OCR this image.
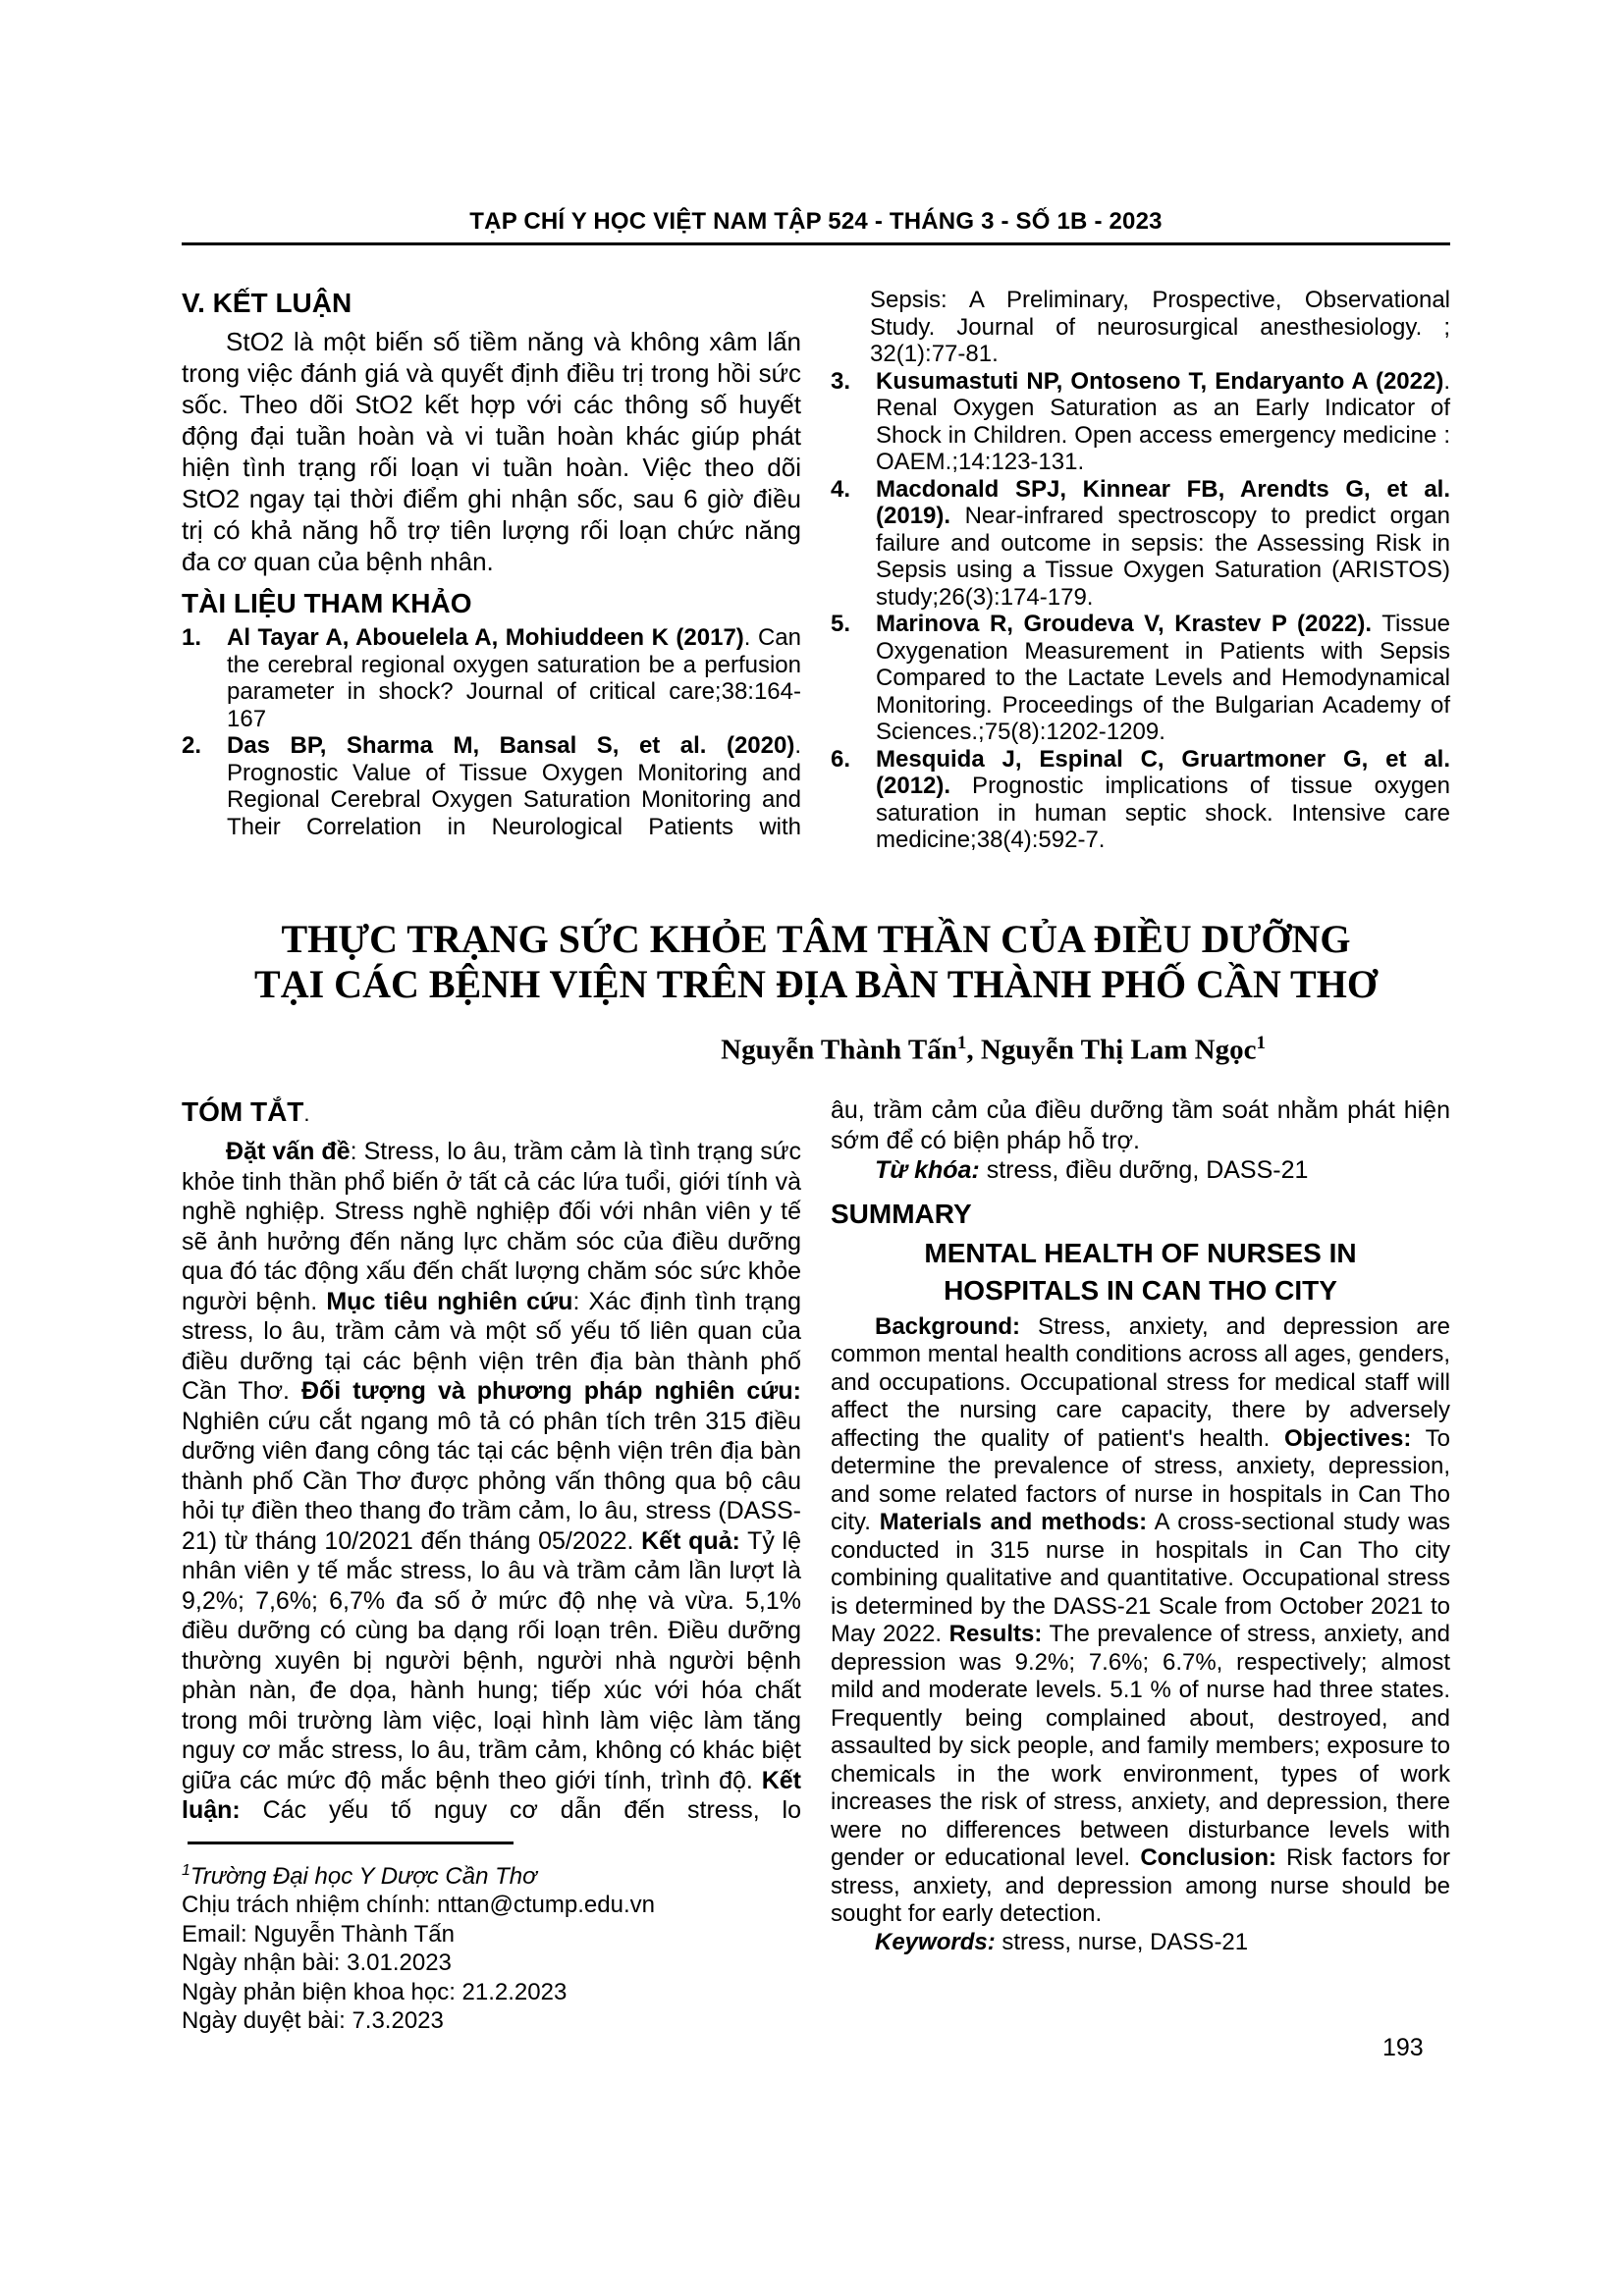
TẠP CHÍ Y HỌC VIỆT NAM TẬP 524 - THÁNG 3 - SỐ 1B - 2023
V. KẾT LUẬN

StO2 là một biến số tiềm năng và không xâm lấn trong việc đánh giá và quyết định điều trị trong hồi sức sốc. Theo dõi StO2 kết hợp với các thông số huyết động đại tuần hoàn và vi tuần hoàn khác giúp phát hiện tình trạng rối loạn vi tuần hoàn. Việc theo dõi StO2 ngay tại thời điểm ghi nhận sốc, sau 6 giờ điều trị có khả năng hỗ trợ tiên lượng rối loạn chức năng đa cơ quan của bệnh nhân.

TÀI LIỆU THAM KHẢO
1. Al Tayar A, Abouelela A, Mohiuddeen K (2017). Can the cerebral regional oxygen saturation be a perfusion parameter in shock? Journal of critical care;38:164-167
2. Das BP, Sharma M, Bansal S, et al. (2020). Prognostic Value of Tissue Oxygen Monitoring and Regional Cerebral Oxygen Saturation Monitoring and Their Correlation in Neurological Patients with
Sepsis: A Preliminary, Prospective, Observational Study. Journal of neurosurgical anesthesiology. ; 32(1):77-81.
3. Kusumastuti NP, Ontoseno T, Endaryanto A (2022). Renal Oxygen Saturation as an Early Indicator of Shock in Children. Open access emergency medicine : OAEM.;14:123-131.
4. Macdonald SPJ, Kinnear FB, Arendts G, et al. (2019). Near-infrared spectroscopy to predict organ failure and outcome in sepsis: the Assessing Risk in Sepsis using a Tissue Oxygen Saturation (ARISTOS) study;26(3):174-179.
5. Marinova R, Groudeva V, Krastev P (2022). Tissue Oxygenation Measurement in Patients with Sepsis Compared to the Lactate Levels and Hemodynamical Monitoring. Proceedings of the Bulgarian Academy of Sciences.;75(8):1202-1209.
6. Mesquida J, Espinal C, Gruartmoner G, et al. (2012). Prognostic implications of tissue oxygen saturation in human septic shock. Intensive care medicine;38(4):592-7.
THỰC TRẠNG SỨC KHỎE TÂM THẦN CỦA ĐIỀU DƯỠNG
TẠI CÁC BỆNH VIỆN TRÊN ĐỊA BÀN THÀNH PHỐ CẦN THƠ
Nguyễn Thành Tấn$^1$, Nguyễn Thị Lam Ngọc$^1$
TÓM TẮT.

Đặt vấn đề: Stress, lo âu, trầm cảm là tình trạng sức khỏe tinh thần phổ biến ở tất cả các lứa tuổi, giới tính và nghề nghiệp. Stress nghề nghiệp đối với nhân viên y tế sẽ ảnh hưởng đến năng lực chăm sóc của điều dưỡng qua đó tác động xấu đến chất lượng chăm sóc sức khỏe người bệnh. Mục tiêu nghiên cứu: Xác định tình trạng stress, lo âu, trầm cảm và một số yếu tố liên quan của điều dưỡng tại các bệnh viện trên địa bàn thành phố Cần Thơ. Đối tượng và phương pháp nghiên cứu: Nghiên cứu cắt ngang mô tả có phân tích trên 315 điều dưỡng viên đang công tác tại các bệnh viện trên địa bàn thành phố Cần Thơ được phỏng vấn thông qua bộ câu hỏi tự điền theo thang đo trầm cảm, lo âu, stress (DASS-21) từ tháng 10/2021 đến tháng 05/2022. Kết quả: Tỷ lệ nhân viên y tế mắc stress, lo âu và trầm cảm lần lượt là 9,2%; 7,6%; 6,7% đa số ở mức độ nhẹ và vừa. 5,1% điều dưỡng có cùng ba dạng rối loạn trên. Điều dưỡng thường xuyên bị người bệnh, người nhà người bệnh phàn nàn, đe dọa, hành hung; tiếp xúc với hóa chất trong môi trường làm việc, loại hình làm việc làm tăng nguy cơ mắc stress, lo âu, trầm cảm, không có khác biệt giữa các mức độ mắc bệnh theo giới tính, trình độ. Kết luận: Các yếu tố nguy cơ dẫn đến stress, lo

$^1$Trường Đại học Y Dược Cần Thơ
Chịu trách nhiệm chính: nttan@ctump.edu.vn
Email: Nguyễn Thành Tấn
Ngày nhận bài: 3.01.2023
Ngày phản biện khoa học: 21.2.2023
Ngày duyệt bài: 7.3.2023

âu, trầm cảm của điều dưỡng tầm soát nhằm phát hiện sớm để có biện pháp hỗ trợ.

Từ khóa: stress, điều dưỡng, DASS-21

SUMMARY
MENTAL HEALTH OF NURSES IN
HOSPITALS IN CAN THO CITY

Background: Stress, anxiety, and depression are common mental health conditions across all ages, genders, and occupations. Occupational stress for medical staff will affect the nursing care capacity, there by adversely affecting the quality of patient's health. Objectives: To determine the prevalence of stress, anxiety, depression, and some related factors of nurse in hospitals in Can Tho city. Materials and methods: A cross-sectional study was conducted in 315 nurse in hospitals in Can Tho city combining qualitative and quantitative. Occupational stress is determined by the DASS-21 Scale from October 2021 to May 2022. Results: The prevalence of stress, anxiety, and depression was 9.2%; 7.6%; 6.7%, respectively; almost mild and moderate levels. 5.1 % of nurse had three states. Frequently being complained about, destroyed, and assaulted by sick people, and family members; exposure to chemicals in the work environment, types of work increases the risk of stress, anxiety, and depression, there were no differences between disturbance levels with gender or educational level. Conclusion: Risk factors for stress, anxiety, and depression among nurse should be sought for early detection.

Keywords: stress, nurse, DASS-21

193
